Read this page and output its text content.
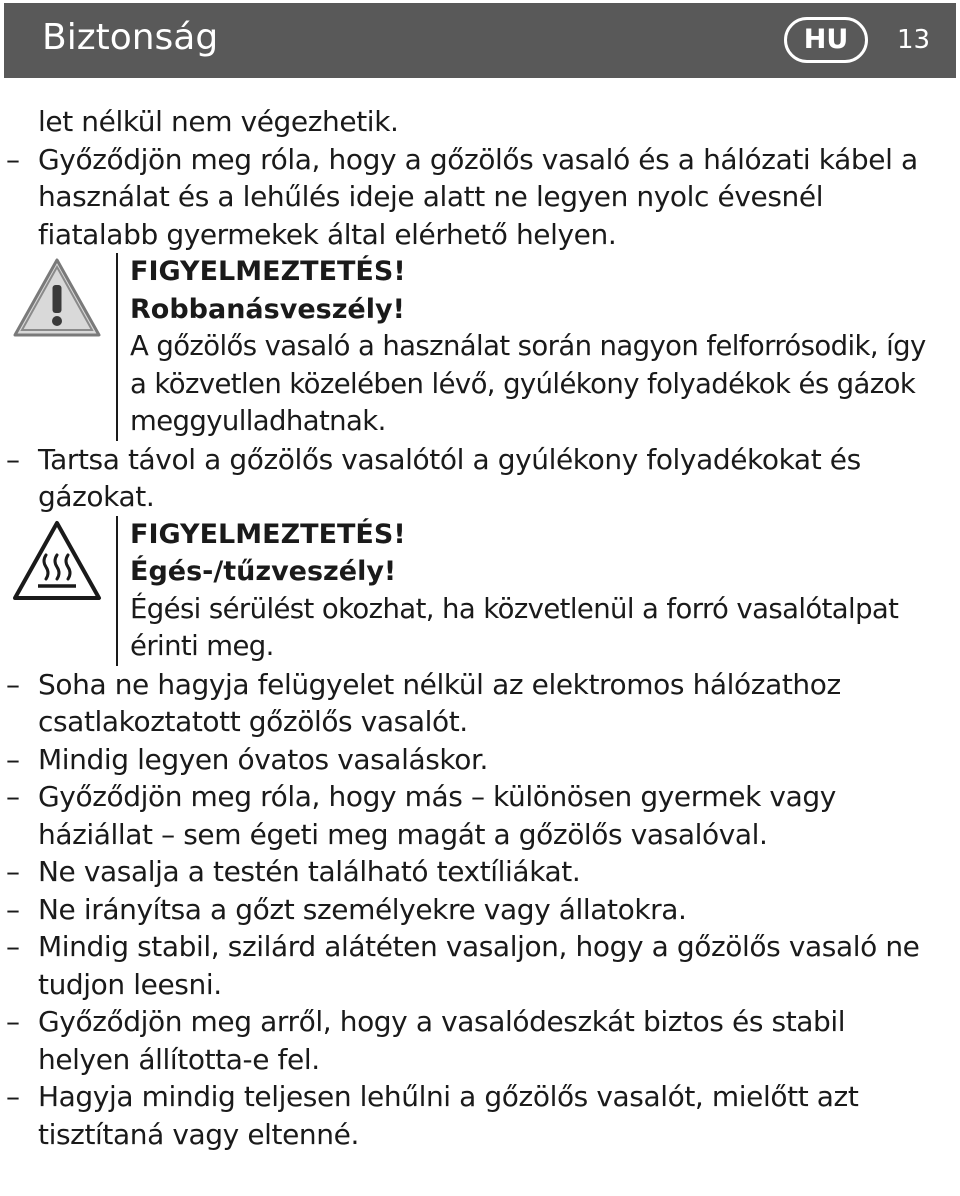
Biztonság	HU	13
let nélkül nem végezhetik.
– Győződjön meg róla, hogy a gőzölős vasaló és a hálózati kábel a használat és a lehűlés ideje alatt ne legyen nyolc évesnél fiatalabb gyermekek által elérhető helyen.
FIGYELMEZTETÉS!
Robbanásveszély!
A gőzölős vasaló a használat során nagyon felforrósodik, így a közvetlen közelében lévő, gyúlékony folyadékok és gázok meggyulladhatnak.
– Tartsa távol a gőzölős vasalótól a gyúlékony folyadékokat és gázokat.
FIGYELMEZTETÉS!
Égés-/tűzveszély!
Égési sérülést okozhat, ha közvetlenül a forró vasalótalpat érinti meg.
– Soha ne hagyja felügyelet nélkül az elektromos hálózathoz csatlakoztatott gőzölős vasalót.
– Mindig legyen óvatos vasaláskor.
– Győződjön meg róla, hogy más – különösen gyermek vagy háziállat – sem égeti meg magát a gőzölős vasalóval.
– Ne vasalja a testén található textíliákat.
– Ne irányítsa a gőzt személyekre vagy állatokra.
– Mindig stabil, szilárd alátéten vasaljon, hogy a gőzölős vasaló ne tudjon leesni.
– Győződjön meg arről, hogy a vasalódeszkát biztos és stabil helyen állította-e fel.
– Hagyja mindig teljesen lehűlni a gőzölős vasalót, mielőtt azt tisztítaná vagy eltenné.
